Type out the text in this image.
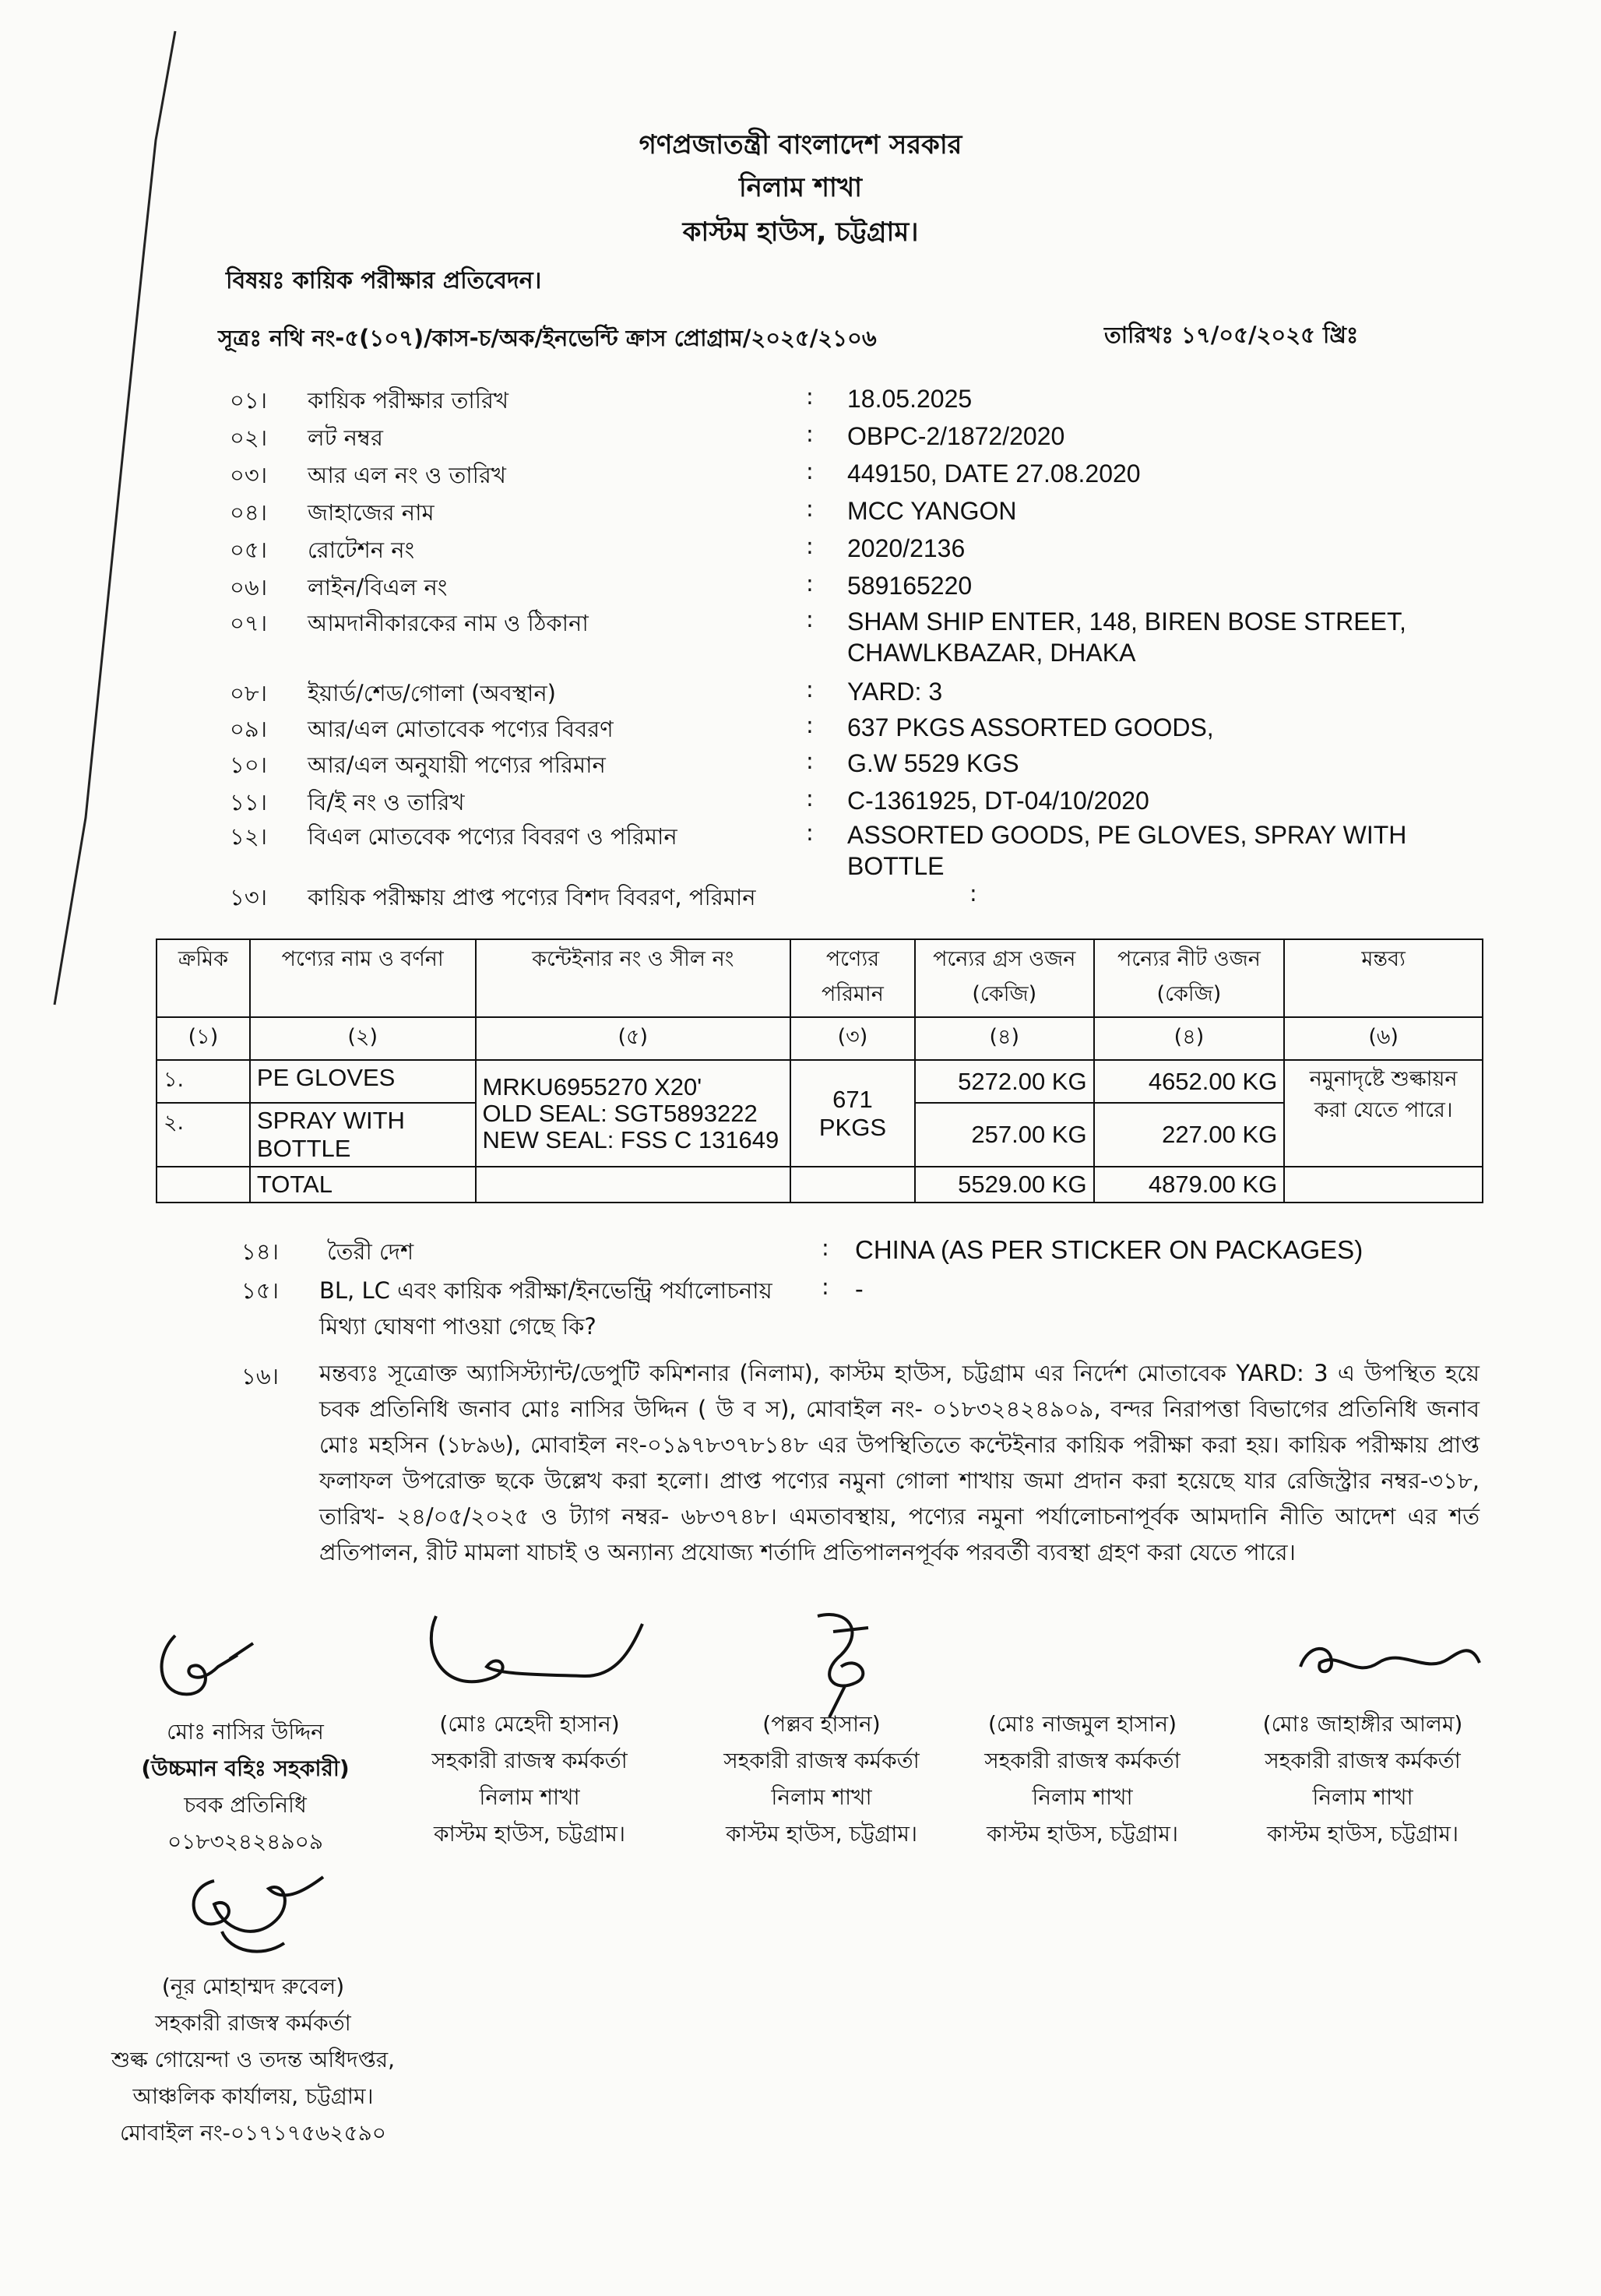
গণপ্রজাতন্ত্রী বাংলাদেশ সরকার
নিলাম শাখা
কাস্টম হাউস, চট্টগ্রাম।
বিষয়ঃ কায়িক পরীক্ষার প্রতিবেদন।
সূত্রঃ নথি নং-৫(১০৭)/কাস-চ/অক/ইনভেন্টি ক্রাস প্রোগ্রাম/২০২৫/২১০৬	তারিখঃ ১৭/০৫/২০২৫ খ্রিঃ
০১। কায়িক পরীক্ষার তারিখ	: 18.05.2025
০২। লট নম্বর	: OBPC-2/1872/2020
০৩। আর এল নং ও তারিখ	: 449150, DATE 27.08.2020
০৪। জাহাজের নাম	: MCC YANGON
০৫। রোটেশন নং	: 2020/2136
০৬। লাইন/বিএল নং	: 589165220
০৭। আমদানীকারকের নাম ও ঠিকানা	: SHAM SHIP ENTER, 148, BIREN BOSE STREET, CHAWLKBAZAR, DHAKA
০৮। ইয়ার্ড/শেড/গোলা (অবস্থান)	: YARD: 3
০৯। আর/এল মোতাবেক পণ্যের বিবরণ	: 637 PKGS ASSORTED GOODS,
১০। আর/এল অনুযায়ী পণ্যের পরিমান	: G.W 5529 KGS
১১। বি/ই নং ও তারিখ	: C-1361925, DT-04/10/2020
১২। বিএল মোতবেক পণ্যের বিবরণ ও পরিমান	: ASSORTED GOODS, PE GLOVES, SPRAY WITH BOTTLE
১৩। কায়িক পরীক্ষায় প্রাপ্ত পণ্যের বিশদ বিবরণ, পরিমান	:
ক্রমিক	পণ্যের নাম ও বর্ণনা	কন্টেইনার নং ও সীল নং	পণ্যের পরিমান	পন্যের গ্রস ওজন (কেজি)	পন্যের নীট ওজন (কেজি)	মন্তব্য
(১)	(২)	(৫)	(৩)	(৪)	(৪)	(৬)
১.	PE GLOVES	MRKU6955270 X20'
OLD SEAL: SGT5893222
NEW SEAL: FSS C 131649	671 PKGS	5272.00 KG	4652.00 KG	নমুনাদৃষ্টে শুল্কায়ন করা যেতে পারে।
২.	SPRAY WITH BOTTLE			257.00 KG	227.00 KG	
	TOTAL			5529.00 KG	4879.00 KG	
১৪। তৈরী দেশ	: CHINA (AS PER STICKER ON PACKAGES)
১৫। BL, LC এবং কায়িক পরীক্ষা/ইনভেন্ট্রি পর্যালোচনায়
মিথ্যা ঘোষণা পাওয়া গেছে কি?
: -
১৬। মন্তব্যঃ সূত্রোক্ত অ্যাসিস্ট্যান্ট/ডেপুটি কমিশনার (নিলাম), কাস্টম হাউস, চট্টগ্রাম এর নির্দেশ মোতাবেক YARD: 3 এ উপস্থিত হয়ে চবক প্রতিনিধি জনাব মোঃ নাসির উদ্দিন ( উ ব স), মোবাইল নং- ০১৮৩২৪২৪৯০৯, বন্দর নিরাপত্তা বিভাগের প্রতিনিধি জনাব মোঃ মহসিন (১৮৯৬), মোবাইল নং-০১৯৭৮৩৭৮১৪৮ এর উপস্থিতিতে কন্টেইনার কায়িক পরীক্ষা করা হয়। কায়িক পরীক্ষায় প্রাপ্ত ফলাফল উপরোক্ত ছকে উল্লেখ করা হলো। প্রাপ্ত পণ্যের নমুনা গোলা শাখায় জমা প্রদান করা হয়েছে যার রেজিস্ট্রার নম্বর-৩১৮, তারিখ- ২৪/০৫/২০২৫ ও ট্যাগ নম্বর- ৬৮৩৭৪৮। এমতাবস্থায়, পণ্যের নমুনা পর্যালোচনাপূর্বক আমদানি নীতি আদেশ এর শর্ত প্রতিপালন, রীট মামলা যাচাই ও অন্যান্য প্রযোজ্য শর্তাদি প্রতিপালনপূর্বক পরবর্তী ব্যবস্থা গ্রহণ করা যেতে পারে।
মোঃ নাসির উদ্দিন
(উচ্চমান বহিঃ সহকারী)
চবক প্রতিনিধি
০১৮৩২৪২৪৯০৯
(মোঃ মেহেদী হাসান)
সহকারী রাজস্ব কর্মকর্তা
নিলাম শাখা
কাস্টম হাউস, চট্টগ্রাম।
(পল্লব হাসান)
সহকারী রাজস্ব কর্মকর্তা
নিলাম শাখা
কাস্টম হাউস, চট্টগ্রাম।
(মোঃ নাজমুল হাসান)
সহকারী রাজস্ব কর্মকর্তা
নিলাম শাখা
কাস্টম হাউস, চট্টগ্রাম।
(মোঃ জাহাঙ্গীর আলম)
সহকারী রাজস্ব কর্মকর্তা
নিলাম শাখা
কাস্টম হাউস, চট্টগ্রাম।
(নূর মোহাম্মদ রুবেল)
সহকারী রাজস্ব কর্মকর্তা
শুল্ক গোয়েন্দা ও তদন্ত অধিদপ্তর,
আঞ্চলিক কার্যালয়, চট্টগ্রাম।
মোবাইল নং-০১৭১৭৫৬২৫৯০
